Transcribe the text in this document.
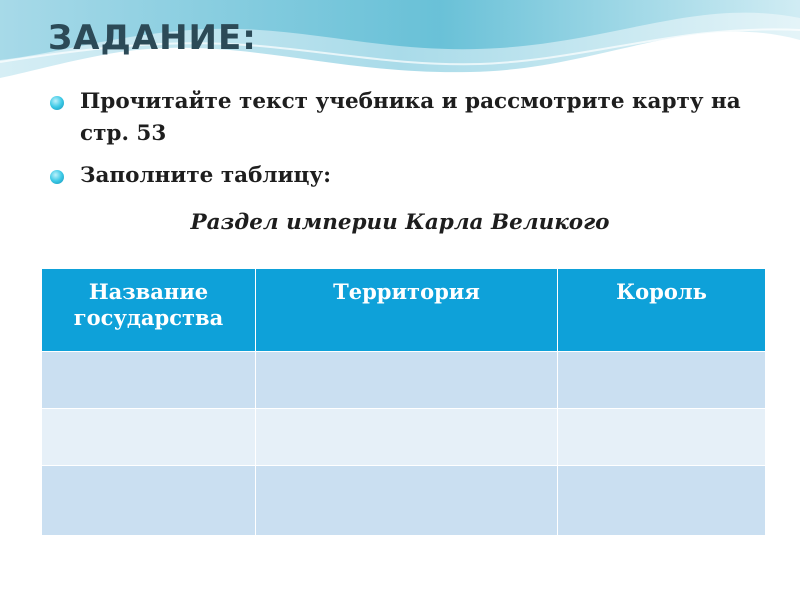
ЗАДАНИЕ:
Прочитайте текст учебника и рассмотрите карту на стр. 53
Заполните таблицу:
Раздел империи Карла Великого
Название государства	Территория	Король
